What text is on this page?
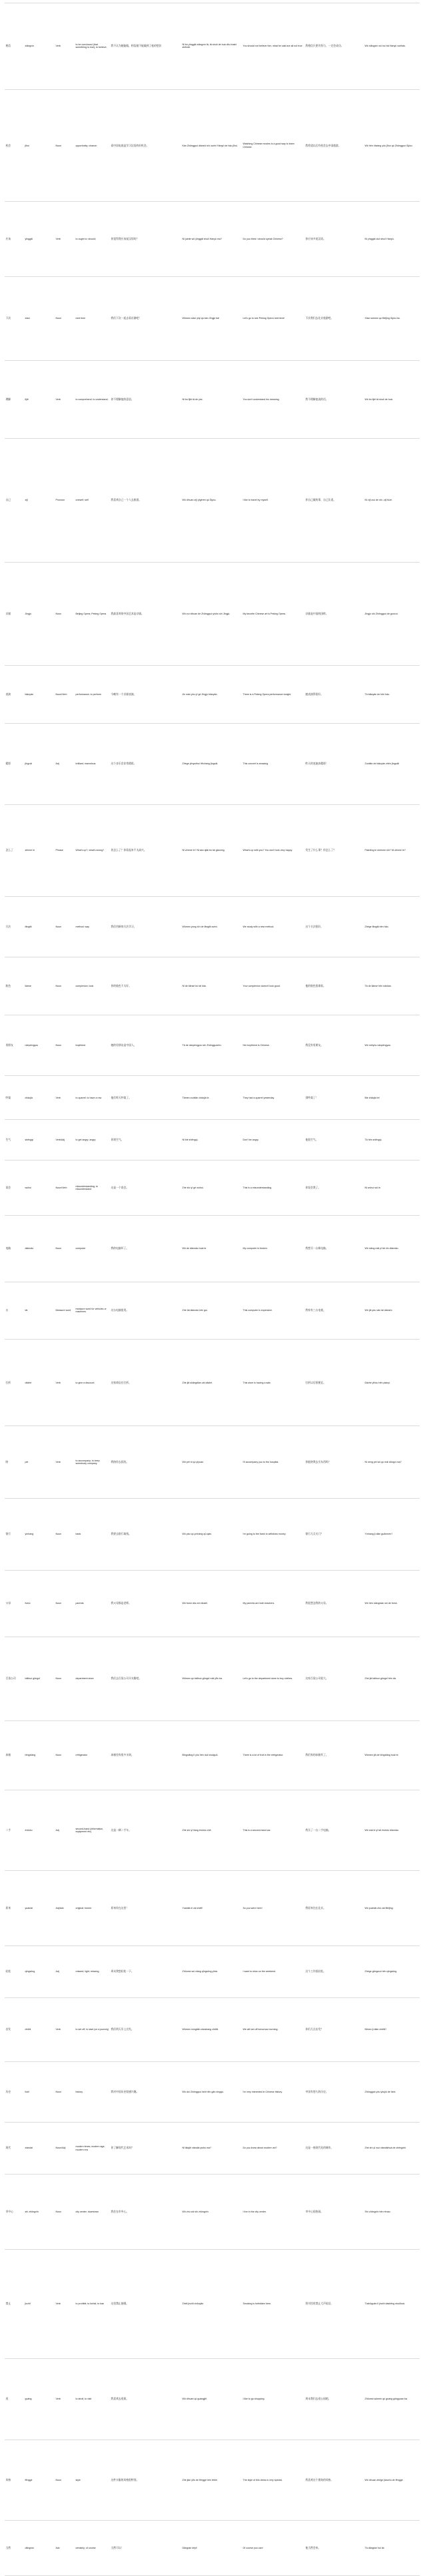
相信	xiāngxìn	Verb	to be convinced (that something is true); to believe;	我不认为她能做，相信她不能做到了他的想法	Nǐ bú yīnggāi xiāngxìn tā, tā shuō de huà dōu búshì zhēnde.	You should not believe him, what he said are all not true.	我相信只要肯努力，一定会成功。	Wǒ xiāngxìn wǒ huì bǎ Hànyǔ xuéhǎo.	
机会	jīhuì	Noun	opportunity; chance;	看中国电视是学习汉语的好机会。	Kàn Zhōngguó diànshì shì xuéxí Hànyǔ de hǎo jīhuì.	Watching Chinese movies is a good way to learn Chinese.	我希望以后有机会去中国旅游。	Wǒ hěn xīwàng yǒu jīhuì qù Zhōngguó lǚyóu.	
应该	yīnggāi	Verb	to ought to; should;	你觉得我应该说汉语吗？	Nǐ juéde wǒ yīnggāi shuō Hànyǔ ma?	Do you think I should speak Chinese?	你应该多说汉语。	Nǐ yīnggāi duō shuō Hànyǔ.	
下次	xiàcì	Noun	next time	我们下次一起去看京剧吧！	Wǒmen xiàcì yīqǐ qù kàn Jīngjù ba!	Let's go to see Peking Opera next time!	下次我们去北京旅游吧。	Xiàcì wǒmen qù Běijīng lǚyóu ba.	
理解	lǐjiě	Verb	to comprehend; to understand;	你不理解他的意思。	Nǐ bù lǐjiě tā de yìsi.	You don't understand his meaning.	我不理解他说的话。	Wǒ bù lǐjiě tā shuō de huà.	
自己	zìjǐ	Pronoun	oneself; self	我喜欢自己一个人去旅游。	Wǒ xǐhuan zìjǐ yīgèrén qù lǚyóu.	I like to travel by myself.	你自己做的事，自己负责。	Nǐ zìjǐ zuò de shì, zìjǐ fùzé.	
京剧	Jīngjù	Noun	Beijing Opera; Peking Opera	我最喜欢的中国艺术是京剧。	Wǒ zuì xǐhuan de Zhōngguó yìshù shì Jīngjù.	My favorite Chinese art is Peking Opera.	京剧是中国的国粹。	Jīngjù shì Zhōngguó de guócuì.	
表演	biǎoyǎn	Noun/Verb	performance; to perform	今晚有一个京剧表演。	Jīn wǎn yǒu yī gè Jīngjù biǎoyǎn.	There is a Peking Opera performance tonight.	她表演得很好。	Tā biǎoyǎn de hěn hǎo.	
精彩	jīngcǎi	Adj	brilliant; marvelous	这个音乐会非常精彩。	Zhège yīnyuèhuì fēicháng jīngcǎi.	This concert is amazing.	昨天的表演真精彩！	Zuótiān de biǎoyǎn zhēn jīngcǎi!	
怎么了	zěnme le	Phrase	What's up?; what's wrong?	你怎么了？你看起来不太高兴。	Nǐ zěnme le? Nǐ kàn qǐlái bú tài gāoxìng.	What's up with you? You don't look very happy.	发生了什么事？你怎么了？	Fāshēng le shénme shì? Nǐ zěnme le?	
方法	fāngfǎ	Noun	method; way	我们用新的方法学习。	Wǒmen yòng xīn de fāngfǎ xuéxí.	We study with a new method.	这个方法很好。	Zhège fāngfǎ hěn hǎo.	
脸色	liǎnsè	Noun	complexion; look	你的脸色不太好。	Nǐ de liǎnsè bú tài hǎo.	Your complexion doesn't look good.	他的脸色很难看。	Tā de liǎnsè hěn nánkàn.	
男朋友	nánpéngyou	Noun	boyfriend	她的男朋友是中国人。	Tā de nánpéngyou shì Zhōngguórén.	Her boyfriend is Chinese.	我没有男朋友。	Wǒ méiyǒu nánpéngyou.	
吵架	chǎojià	Verb	to quarrel; to have a row	他们昨天吵架了。	Tāmen zuótiān chǎojià le.	They had a quarrel yesterday.	别吵架了！	Bié chǎojià le!	
生气	shēngqì	Verb/Adj	to get angry; angry	你别生气。	Nǐ bié shēngqì.	Don't be angry.	他很生气。	Tā hěn shēngqì.	
误会	wùhuì	Noun/Verb	misunderstanding; to misunderstand	这是一个误会。	Zhè shì yī gè wùhuì.	This is a misunderstanding.	你误会我了。	Nǐ wùhuì wǒ le.	
电脑	diànnǎo	Noun	computer	我的电脑坏了。	Wǒ de diànnǎo huài le.	My computer is broken.	我想买一台新电脑。	Wǒ xiǎng mǎi yī tái xīn diànnǎo.	
台	tái	Measure word	measure word for vehicles or machines	这台电脑很贵。	Zhè tái diànnǎo hěn guì.	This computer is expensive.	我家有三台电视。	Wǒ jiā yǒu sān tái diànshì.	
打折	dǎzhé	Verb	to give a discount	这家商店在打折。	Zhè jiā shāngdiàn zài dǎzhé.	This store is having a sale.	打折以后很便宜。	Dǎzhé yǐhòu hěn piányi.	
陪	péi	Verb	to accompany; to keep somebody company	我陪你去医院。	Wǒ péi nǐ qù yīyuàn.	I'll accompany you to the hospital.	你能陪我去买东西吗？	Nǐ néng péi wǒ qù mǎi dōngxi ma?	
银行	yínháng	Noun	bank	我要去银行取钱。	Wǒ yào qù yínháng qǔ qián.	I'm going to the bank to withdraw money.	银行几点关门？	Yínháng jǐ diǎn guānmén?	
父母	fùmǔ	Noun	parents	我父母都是老师。	Wǒ fùmǔ dōu shì lǎoshī.	My parents are both teachers.	我很想念我的父母。	Wǒ hěn xiǎngniàn wǒ de fùmǔ.	
百货公司	bǎihuò gōngsī	Noun	department store	我们去百货公司买衣服吧。	Wǒmen qù bǎihuò gōngsī mǎi yīfu ba.	Let's go to the department store to buy clothes.	这家百货公司很大。	Zhè jiā bǎihuò gōngsī hěn dà.	
冰箱	bīngxiāng	Noun	refrigerator	冰箱里有很多水果。	Bīngxiāng lǐ yǒu hěn duō shuǐguǒ.	There is a lot of fruit in the refrigerator.	我们家的冰箱坏了。	Wǒmen jiā de bīngxiāng huài le.	
二手	èrshǒu	Adj	second-hand (information, equipment etc)	这是一辆二手车。	Zhè shì yī liàng èrshǒu chē.	This is a second-hand car.	我买了一台二手电脑。	Wǒ mǎi le yī tái èrshǒu diànnǎo.	
原来	yuánlái	Adj/Adv	original; former	原来你在这里！	Yuánlái nǐ zài zhèlǐ!	So you were here!	我原来住在北京。	Wǒ yuánlái zhù zài Běijīng.	
轻松	qīngsōng	Adj	relaxed; light; relaxing	周末我想轻松一下。	Zhōumò wǒ xiǎng qīngsōng yīxià.	I want to relax on the weekend.	这个工作很轻松。	Zhège gōngzuò hěn qīngsōng.	
出发	chūfā	Verb	to set off; to start (on a journey)	我们明天早上出发。	Wǒmen míngtiān zǎoshang chūfā.	We will set off tomorrow morning.	你们几点出发？	Nǐmen jǐ diǎn chūfā?	
历史	lìshǐ	Noun	history	我对中国历史很感兴趣。	Wǒ duì Zhōngguó lìshǐ hěn gǎn xìngqù.	I'm very interested in Chinese history.	中国有悠久的历史。	Zhōngguó yǒu yōujiǔ de lìshǐ.	
现代	xiàndài	Noun/Adj	modern times; modern age; modern era	你了解现代艺术吗？	Nǐ liǎojiě xiàndài yìshù ma?	Do you know about modern art?	这是一座现代化的城市。	Zhè shì yī zuò xiàndàihuà de chéngshì.	
市中心	shì zhōngxīn	Noun	city center; downtown	我住在市中心。	Wǒ zhù zài shì zhōngxīn.	I live in the city center.	市中心很热闹。	Shì zhōngxīn hěn rènao.	
禁止	jìnzhǐ	Verb	to prohibit; to forbid; to ban	这里禁止抽烟。	Zhèlǐ jìnzhǐ chōuyān.	Smoking is forbidden here.	图书馆里禁止大声说话。	Túshūguǎn lǐ jìnzhǐ dàshēng shuōhuà.	
逛	guàng	Verb	to stroll; to visit	我喜欢去逛街。	Wǒ xǐhuan qù guàngjiē.	I like to go shopping.	周末我们去逛公园吧。	Zhōumò wǒmen qù guàng gōngyuán ba.	
风格	fēnggé	Noun	style	这件衣服的风格很特别。	Zhè jiàn yīfu de fēnggé hěn tèbié.	The style of this dress is very special.	我喜欢这个建筑的风格。	Wǒ xǐhuan zhège jiànzhù de fēnggé.	
当然	dāngrán	Adv	certainly; of course	当然可以！	Dāngrán kěyǐ!	Of course you can!	他当然会来。	Tā dāngrán huì lái.	
